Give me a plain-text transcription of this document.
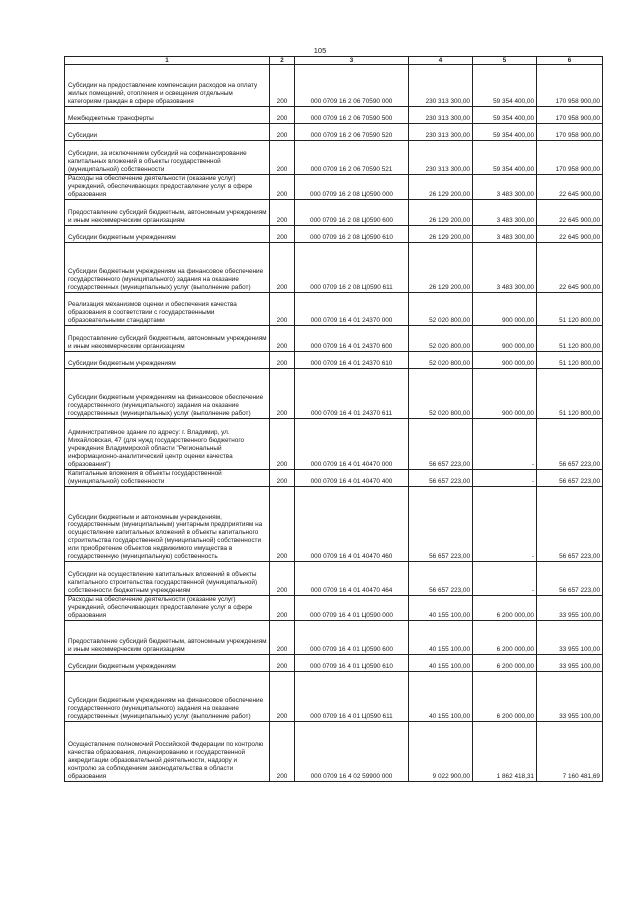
105
1	2	3	4	5	6
Субсидии на предоставление компенсации расходов на оплату жилых помещений, отопления и освещения отдельным категориям граждан в сфере образования	200	000 0709 16 2 06 70590 000	230 313 300,00	59 354 400,00	170 958 900,00
Межбюджетные трансферты	200	000 0709 16 2 06 70590 500	230 313 300,00	59 354 400,00	170 958 900,00
Субсидии	200	000 0709 16 2 06 70590 520	230 313 300,00	59 354 400,00	170 958 900,00
Субсидии, за исключением субсидий на софинансирование капитальных вложений в объекты государственной (муниципальной) собственности	200	000 0709 16 2 06 70590 521	230 313 300,00	59 354 400,00	170 958 900,00
Расходы на обеспечение деятельности (оказание услуг) учреждений, обеспечивающих предоставление услуг в сфере образования	200	000 0709 16 2 08 Ц0590 000	26 129 200,00	3 483 300,00	22 645 900,00
Предоставление субсидий бюджетным, автономным учреждениям и иным некоммерческим организациям	200	000 0709 16 2 08 Ц0590 600	26 129 200,00	3 483 300,00	22 645 900,00
Субсидии бюджетным учреждениям	200	000 0709 16 2 08 Ц0590 610	26 129 200,00	3 483 300,00	22 645 900,00
Субсидии бюджетным учреждениям на финансовое обеспечение государственного (муниципального) задания на оказание государственных (муниципальных) услуг (выполнение работ)	200	000 0709 16 2 08 Ц0590 611	26 129 200,00	3 483 300,00	22 645 900,00
Реализация механизмов оценки и обеспечения качества образования в соответствии с государственными образовательными стандартами	200	000 0709 16 4 01 24370 000	52 020 800,00	900 000,00	51 120 800,00
Предоставление субсидий бюджетным, автономным учреждениям и иным некоммерческим организациям	200	000 0709 16 4 01 24370 600	52 020 800,00	900 000,00	51 120 800,00
Субсидии бюджетным учреждениям	200	000 0709 16 4 01 24370 610	52 020 800,00	900 000,00	51 120 800,00
Субсидии бюджетным учреждениям на финансовое обеспечение государственного (муниципального) задания на оказание государственных (муниципальных) услуг (выполнение работ)	200	000 0709 16 4 01 24370 611	52 020 800,00	900 000,00	51 120 800,00
Административное здание по адресу: г. Владимир, ул. Михайловская, 47 (для нужд государственного бюджетного учреждения Владимирской области "Региональный информационно-аналитический центр оценки качества образования")	200	000 0709 16 4 01 40470 000	56 657 223,00	-	56 657 223,00
Капитальные вложения в объекты государственной (муниципальной) собственности	200	000 0709 16 4 01 40470 400	56 657 223,00	-	56 657 223,00
Субсидии бюджетным и автономным учреждениям, государственным (муниципальным) унитарным предприятиям на осуществление капитальных вложений в объекты капитального строительства государственной (муниципальной) собственности или приобретение объектов недвижимого имущества в государственную (муниципальную) собственность	200	000 0709 16 4 01 40470 460	56 657 223,00	-	56 657 223,00
Субсидии на осуществление капитальных вложений в объекты капитального строительства государственной (муниципальной) собственности бюджетным учреждениям	200	000 0709 16 4 01 40470 464	56 657 223,00	-	56 657 223,00
Расходы на обеспечение деятельности (оказание услуг) учреждений, обеспечивающих предоставление услуг в сфере образования	200	000 0709 16 4 01 Ц0590 000	40 155 100,00	6 200 000,00	33 955 100,00
Предоставление субсидий бюджетным, автономным учреждениям и иным некоммерческим организациям	200	000 0709 16 4 01 Ц0590 600	40 155 100,00	6 200 000,00	33 955 100,00
Субсидии бюджетным учреждениям	200	000 0709 16 4 01 Ц0590 610	40 155 100,00	6 200 000,00	33 955 100,00
Субсидии бюджетным учреждениям на финансовое обеспечение государственного (муниципального) задания на оказание государственных (муниципальных) услуг (выполнение работ)	200	000 0709 16 4 01 Ц0590 611	40 155 100,00	6 200 000,00	33 955 100,00
Осуществление полномочий Российской Федерации по контролю качества образования, лицензированию и государственной аккредитации образовательной деятельности, надзору и контролю за соблюдением законодательства в области образования	200	000 0709 16 4 02 59900 000	9 022 900,00	1 862 418,31	7 160 481,69
